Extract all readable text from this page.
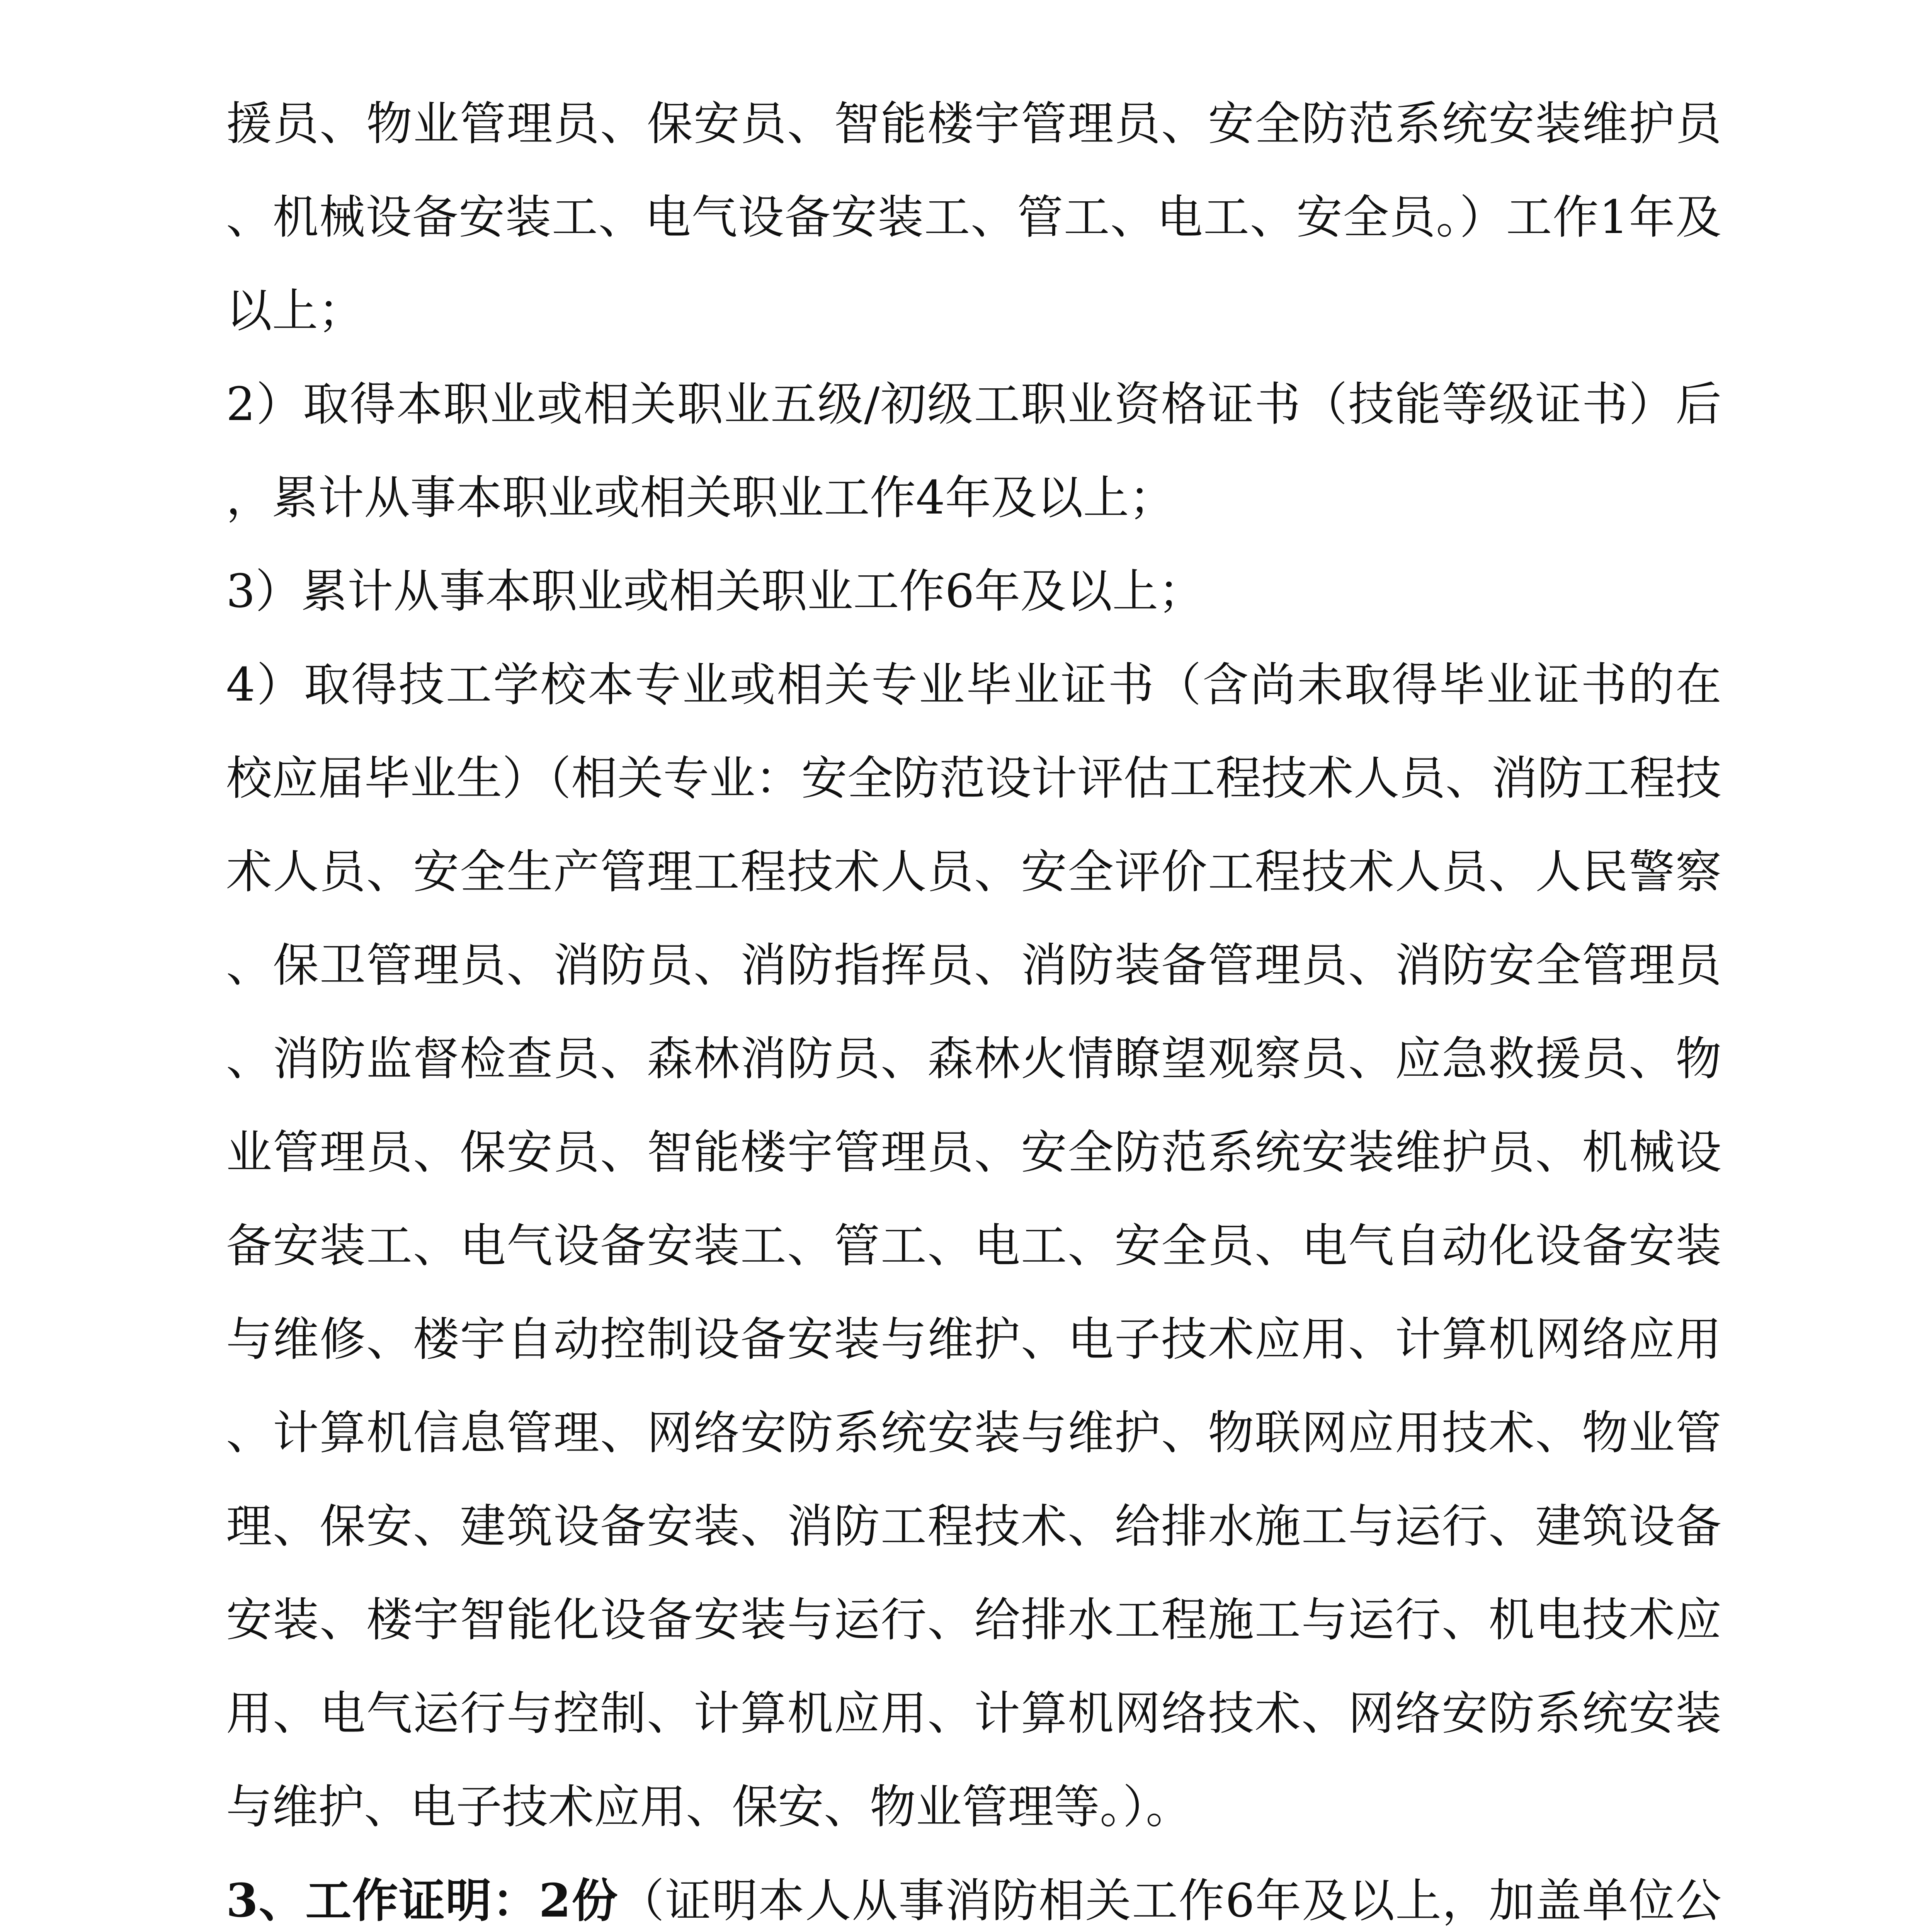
援员、物业管理员、保安员、智能楼宇管理员、安全防范系统安装维护员、机械设备安装工、电气设备安装工、管工、电工、安全员。）工作1年及以上；

2）取得本职业或相关职业五级/初级工职业资格证书（技能等级证书）后，累计从事本职业或相关职业工作4年及以上；

3）累计从事本职业或相关职业工作6年及以上；

4）取得技工学校本专业或相关专业毕业证书（含尚未取得毕业证书的在校应届毕业生）（相关专业：安全防范设计评估工程技术人员、消防工程技术人员、安全生产管理工程技术人员、安全评价工程技术人员、人民警察、保卫管理员、消防员、消防指挥员、消防装备管理员、消防安全管理员、消防监督检查员、森林消防员、森林火情瞭望观察员、应急救援员、物业管理员、保安员、智能楼宇管理员、安全防范系统安装维护员、机械设备安装工、电气设备安装工、管工、电工、安全员、电气自动化设备安装与维修、楼宇自动控制设备安装与维护、电子技术应用、计算机网络应用、计算机信息管理、网络安防系统安装与维护、物联网应用技术、物业管理、保安、建筑设备安装、消防工程技术、给排水施工与运行、建筑设备安装、楼宇智能化设备安装与运行、给排水工程施工与运行、机电技术应用、电气运行与控制、计算机应用、计算机网络技术、网络安防系统安装与维护、电子技术应用、保安、物业管理等。）。

3、工作证明：2份（证明本人从事消防相关工作6年及以上，加盖单位公
